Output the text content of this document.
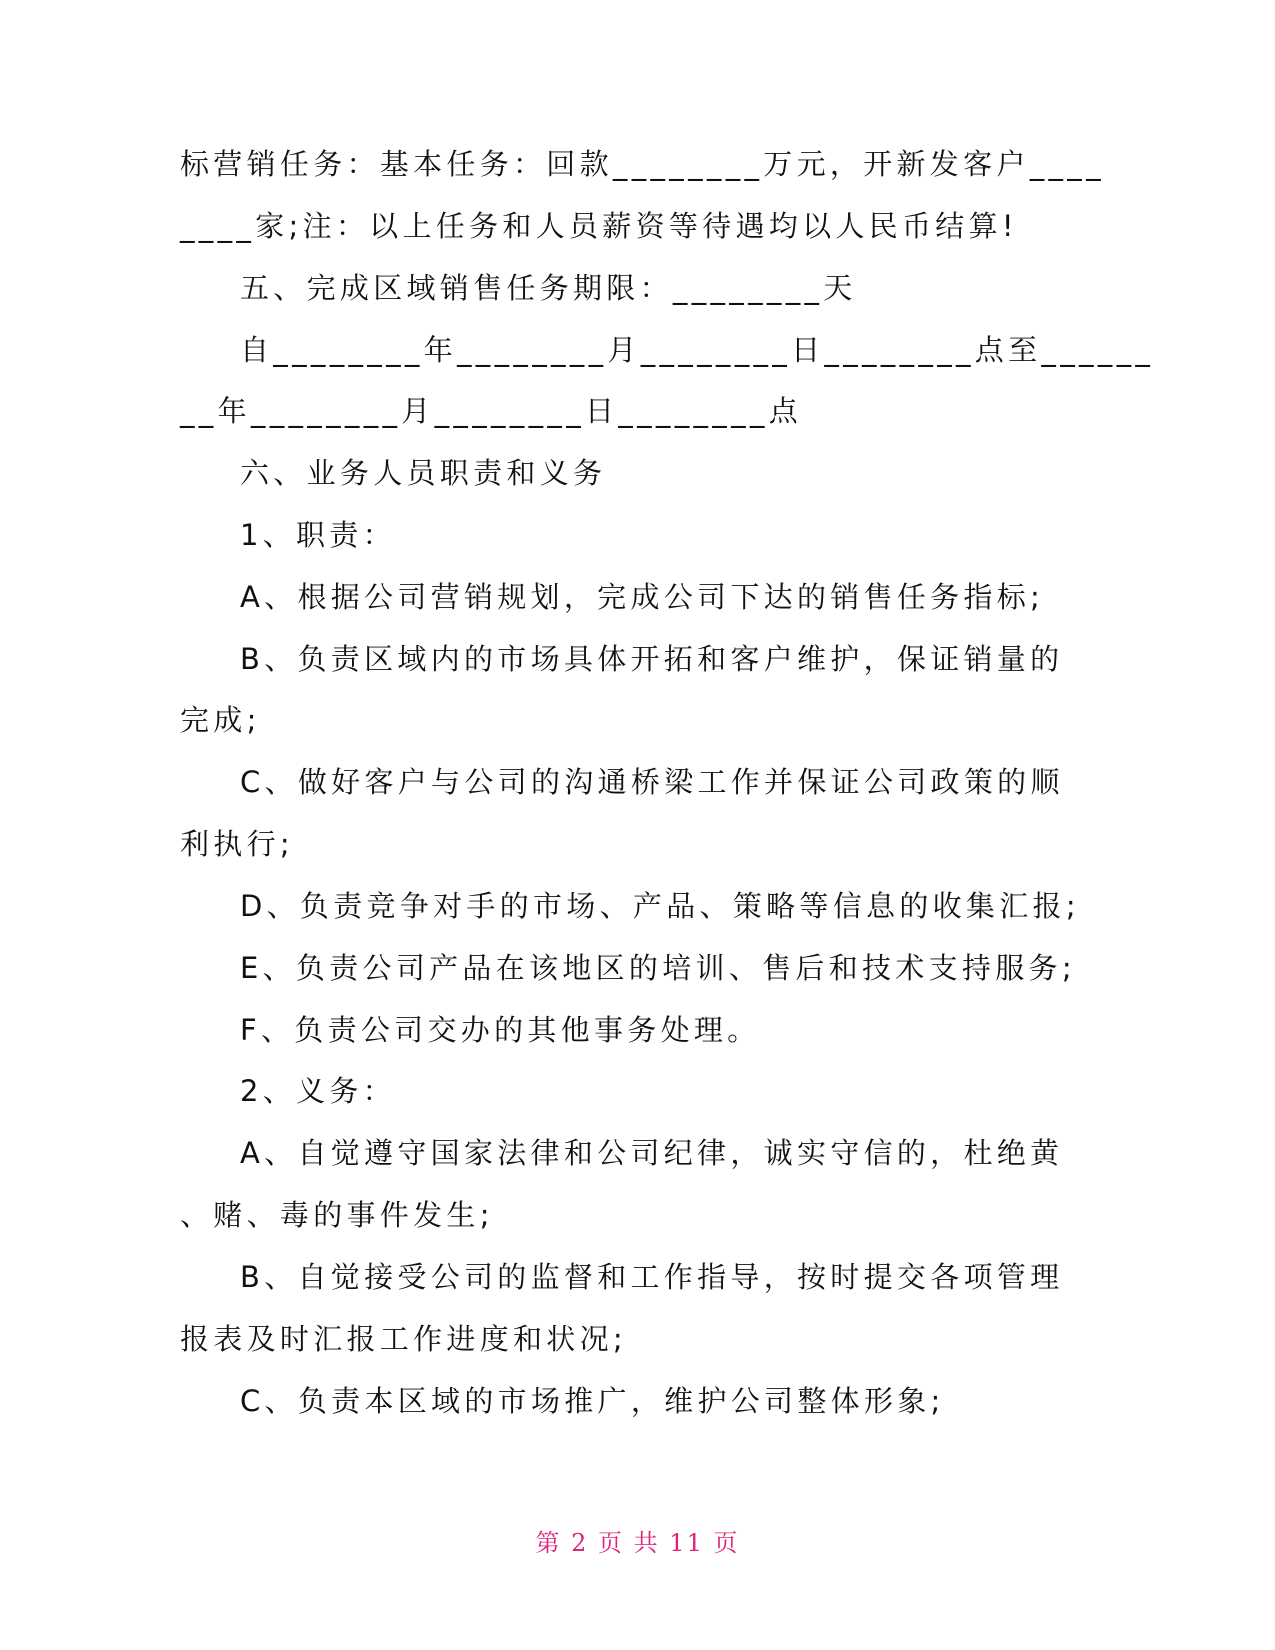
标营销任务：基本任务：回款________万元，开新发客户____
____家;注：以上任务和人员薪资等待遇均以人民币结算!
五、完成区域销售任务期限：________天
自________年________月________日________点至______
__年________月________日________点
六、业务人员职责和义务
1、职责：
A、根据公司营销规划，完成公司下达的销售任务指标;
B、负责区域内的市场具体开拓和客户维护，保证销量的
完成;
C、做好客户与公司的沟通桥梁工作并保证公司政策的顺
利执行;
D、负责竞争对手的市场、产品、策略等信息的收集汇报;
E、负责公司产品在该地区的培训、售后和技术支持服务;
F、负责公司交办的其他事务处理。
2、义务：
A、自觉遵守国家法律和公司纪律，诚实守信的，杜绝黄
、赌、毒的事件发生;
B、自觉接受公司的监督和工作指导，按时提交各项管理
报表及时汇报工作进度和状况;
C、负责本区域的市场推广，维护公司整体形象;
第 2 页 共 11 页
